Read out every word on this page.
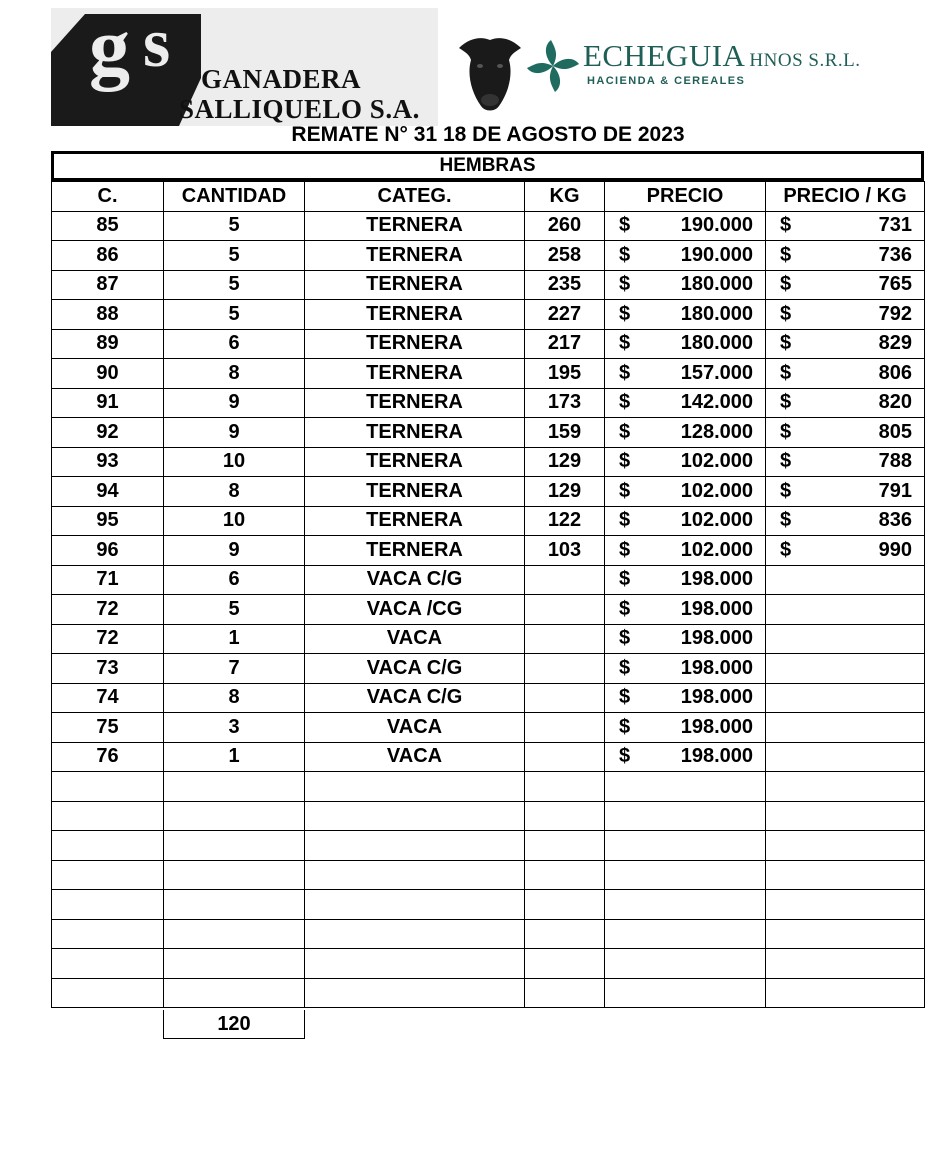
g s GANADERA
SALLIQUELO S.A.
ECHEGUIA HNOS S.R.L.
HACIENDA & CEREALES
REMATE N° 31 18 DE AGOSTO DE 2023
HEMBRAS
C.	CANTIDAD	CATEG.	KG	PRECIO	PRECIO / KG
85	5	TERNERA	260	$ 190.000	$ 731

86	5	TERNERA	258	$ 190.000	$ 736

87	5	TERNERA	235	$ 180.000	$ 765

88	5	TERNERA	227	$ 180.000	$ 792

89	6	TERNERA	217	$ 180.000	$ 829

90	8	TERNERA	195	$ 157.000	$ 806

91	9	TERNERA	173	$ 142.000	$ 820

92	9	TERNERA	159	$ 128.000	$ 805

93	10	TERNERA	129	$ 102.000	$ 788

94	8	TERNERA	129	$ 102.000	$ 791

95	10	TERNERA	122	$ 102.000	$ 836

96	9	TERNERA	103	$ 102.000	$ 990

71	6	VACA C/G		$ 198.000	

72	5	VACA /CG		$ 198.000	

72	1	VACA		$ 198.000	

73	7	VACA C/G		$ 198.000	

74	8	VACA C/G		$ 198.000	

75	3	VACA		$ 198.000	

76	1	VACA		$ 198.000	

120
